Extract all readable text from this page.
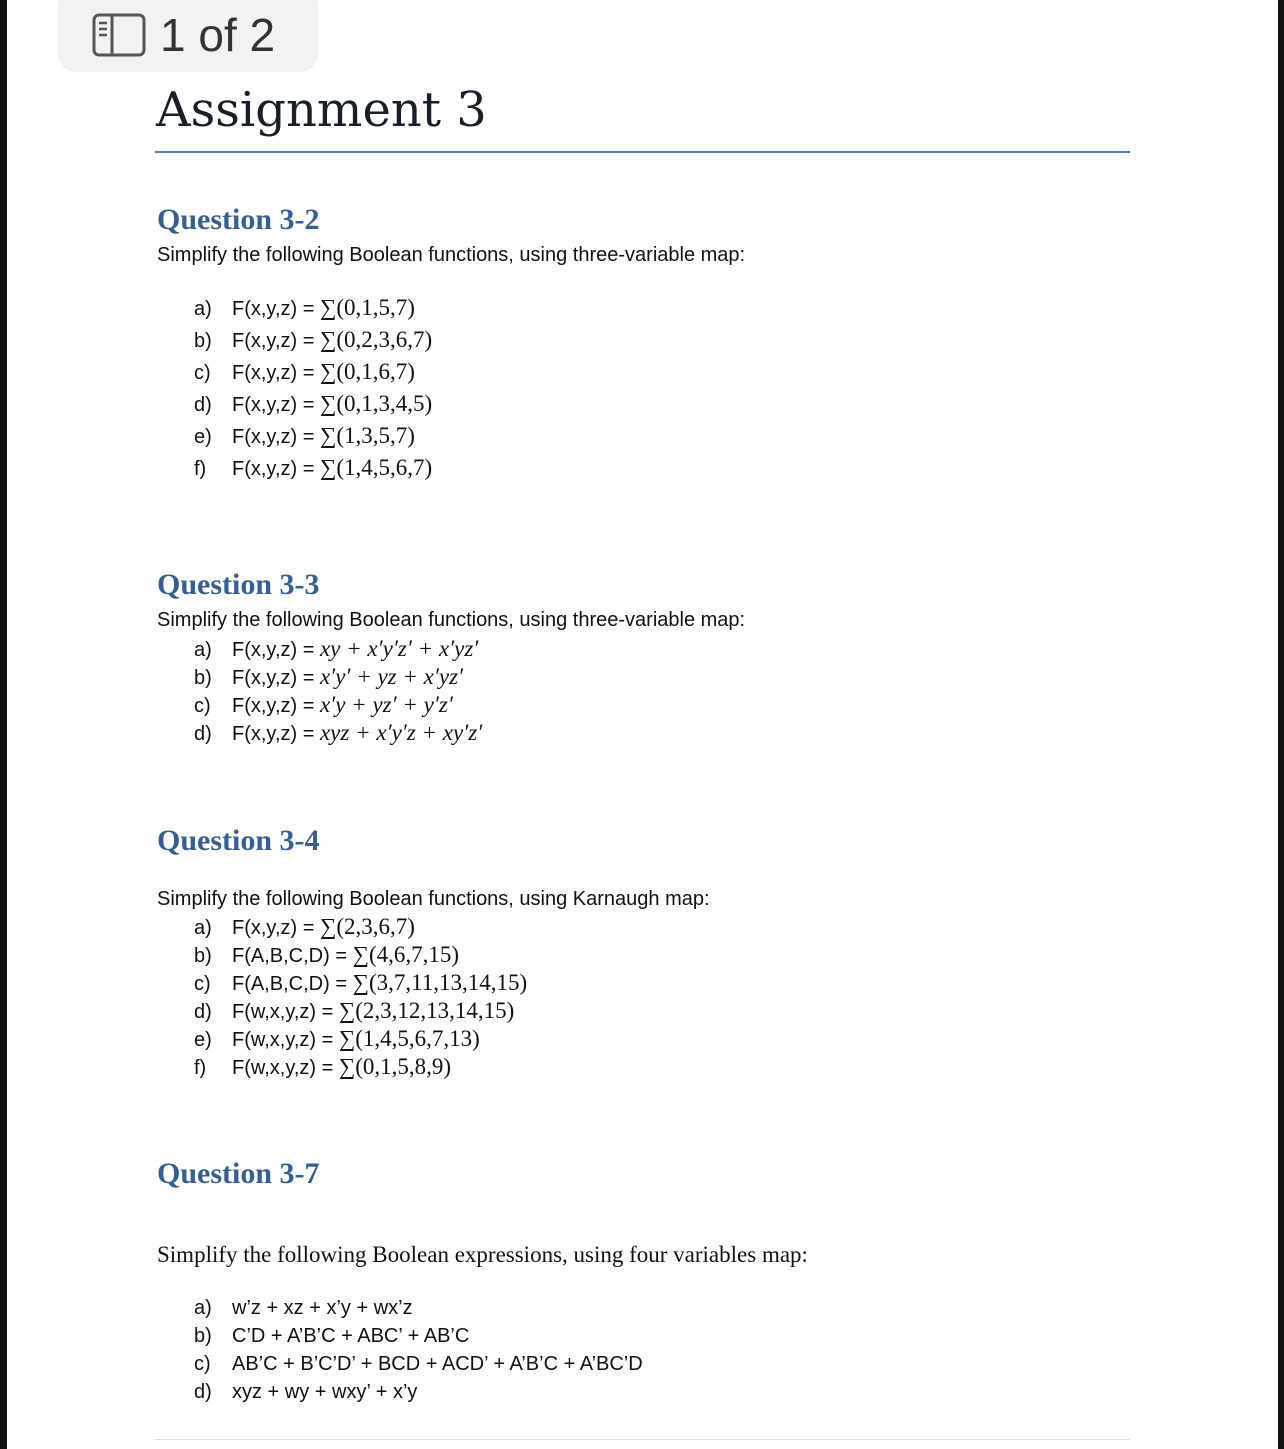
1 of 2
Assignment 3
Question 3-2

Simplify the following Boolean functions, using three-variable map:

a)	F(x,y,z) = ∑(0,1,5,7)
b)	F(x,y,z) = ∑(0,2,3,6,7)
c)	F(x,y,z) = ∑(0,1,6,7)
d)	F(x,y,z) = ∑(0,1,3,4,5)
e)	F(x,y,z) = ∑(1,3,5,7)
f)	F(x,y,z) = ∑(1,4,5,6,7)
Question 3-3

Simplify the following Boolean functions, using three-variable map:

a)	F(x,y,z) = xy + x′y′z′ + x′yz′
b)	F(x,y,z) = x′y′ + yz + x′yz′
c)	F(x,y,z) = x′y + yz′ + y′z′
d)	F(x,y,z) = xyz + x′y′z + xy′z′
Question 3-4

Simplify the following Boolean functions, using Karnaugh map:

a)	F(x,y,z) = ∑(2,3,6,7)
b)	F(A,B,C,D) = ∑(4,6,7,15)
c)	F(A,B,C,D) = ∑(3,7,11,13,14,15)
d)	F(w,x,y,z) = ∑(2,3,12,13,14,15)
e)	F(w,x,y,z) = ∑(1,4,5,6,7,13)
f)	F(w,x,y,z) = ∑(0,1,5,8,9)
Question 3-7

Simplify the following Boolean expressions, using four variables map:

a)	w’z + xz + x’y + wx’z
b)	C’D + A’B’C + ABC’ + AB’C
c)	AB’C + B’C’D’ + BCD + ACD’ + A’B’C + A’BC’D
d)	xyz + wy + wxy’ + x’y
